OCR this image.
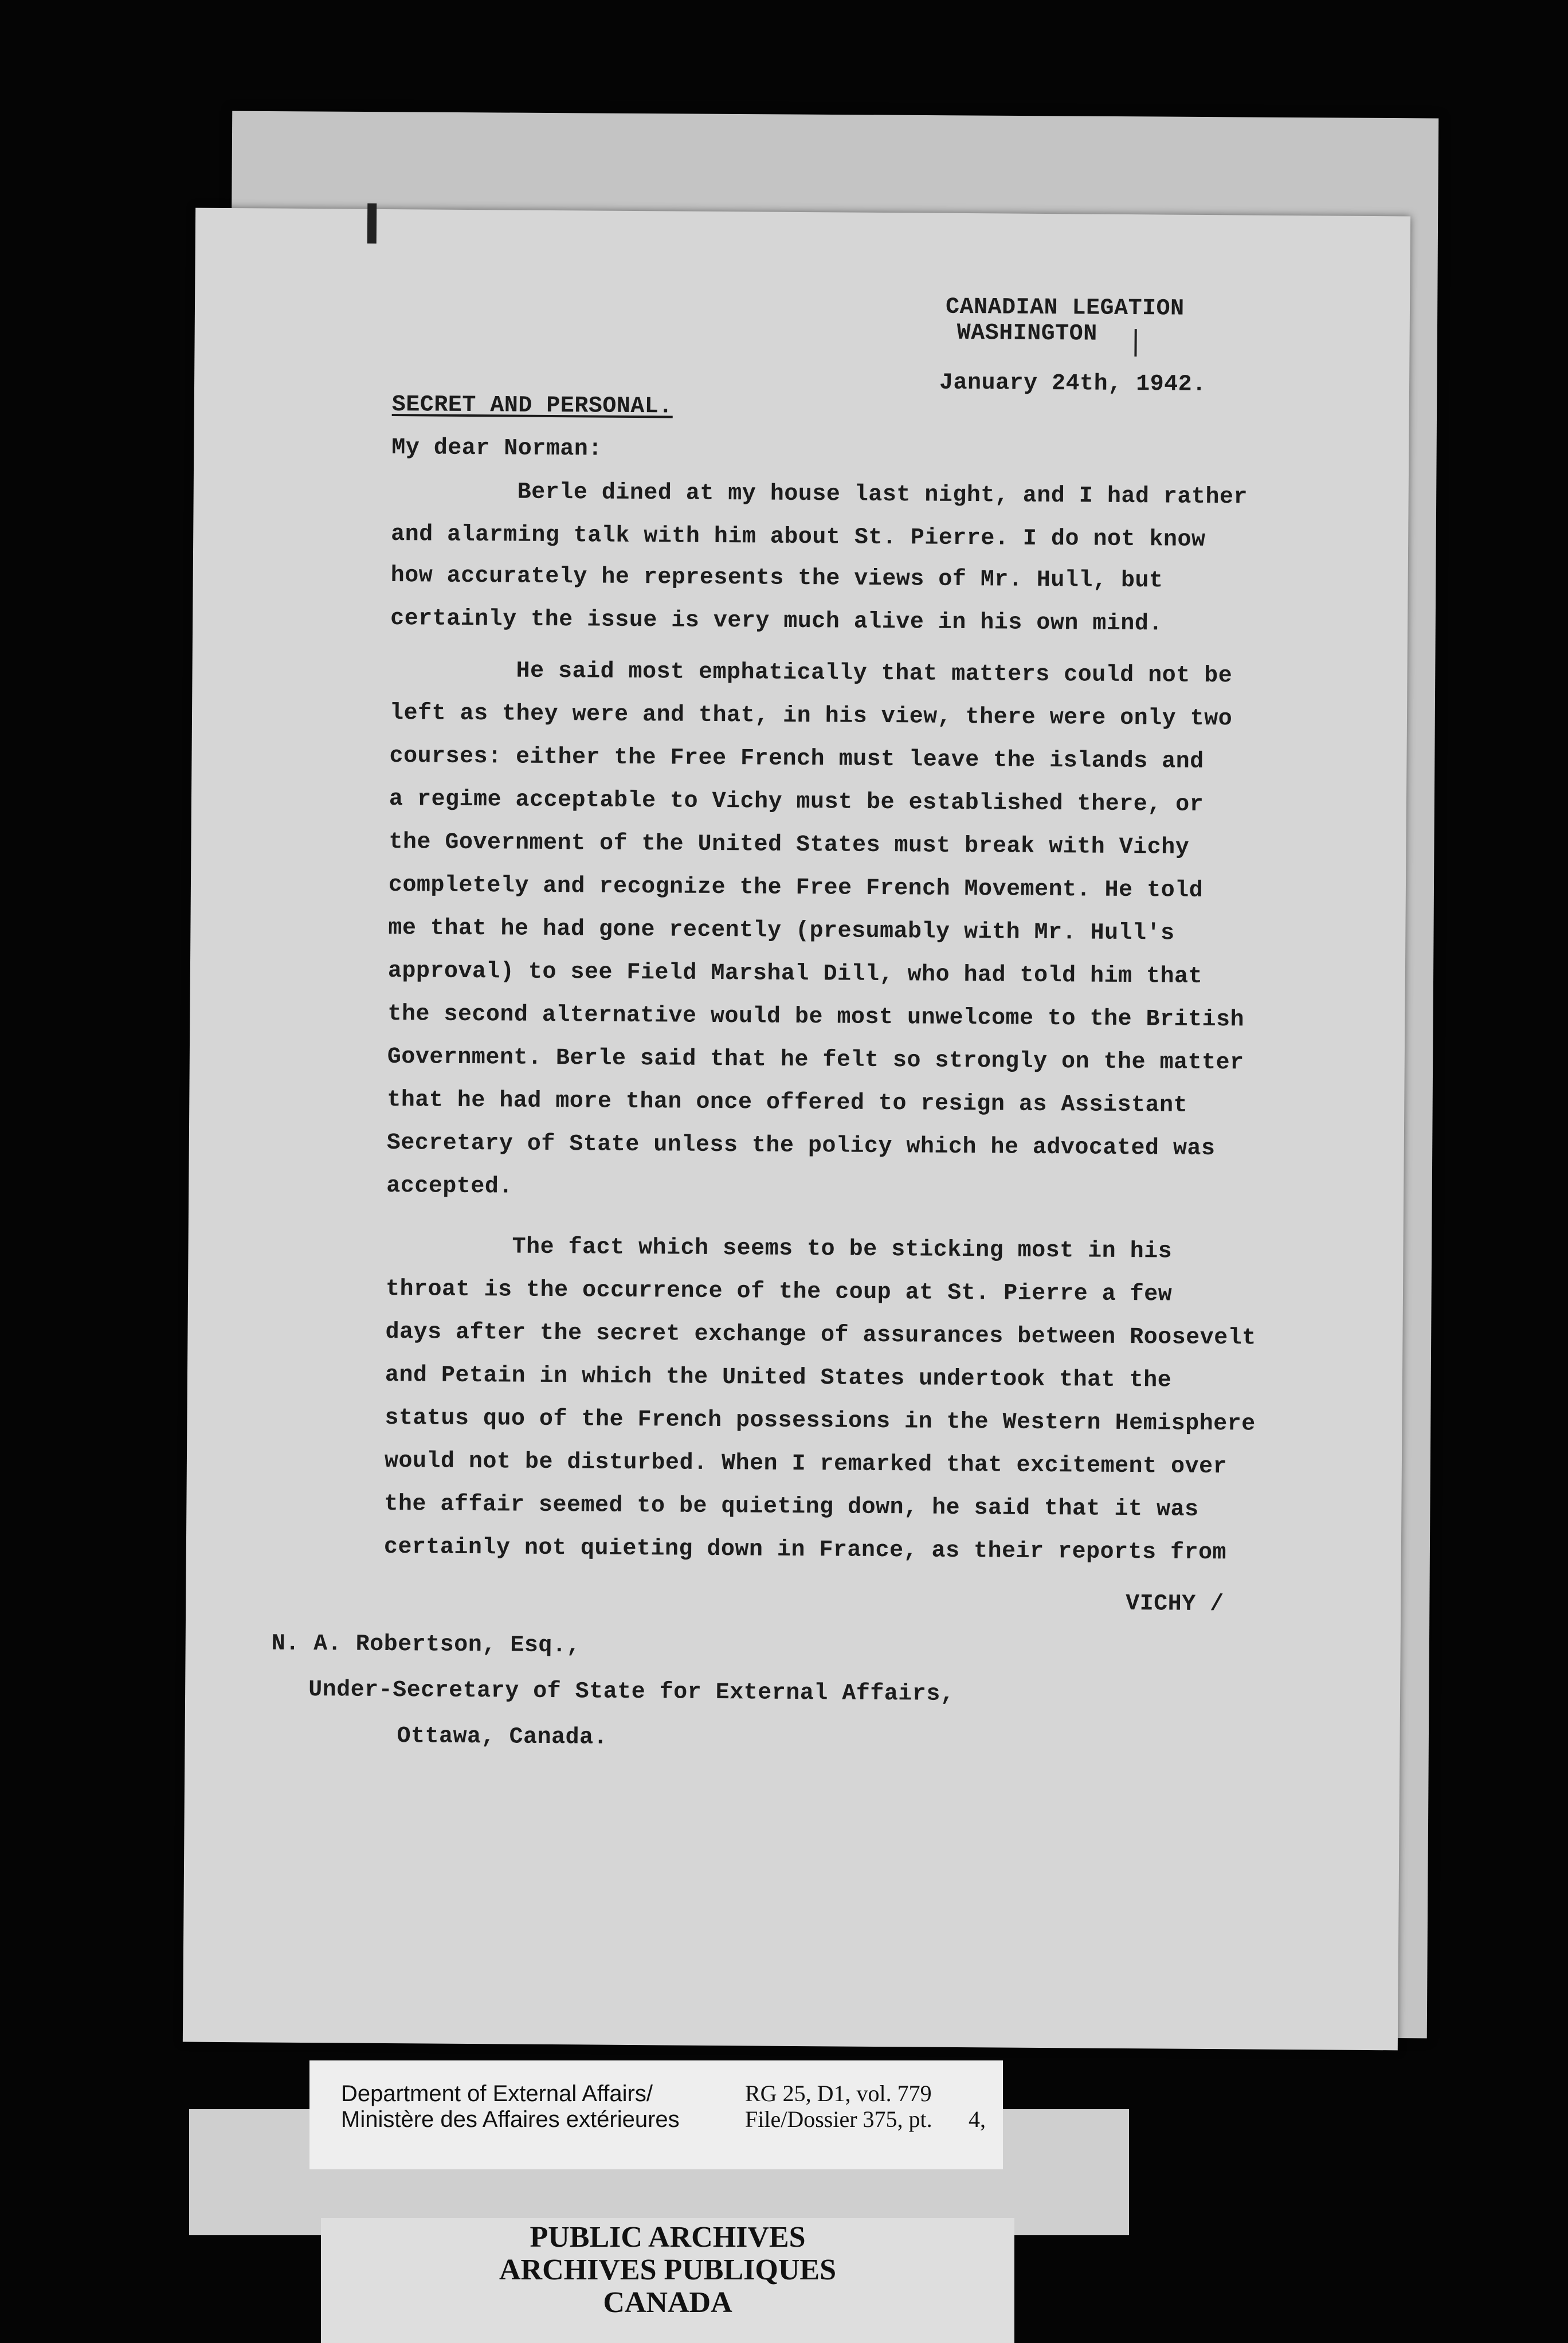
CANADIAN LEGATION
WASHINGTON
January 24th, 1942.
SECRET AND PERSONAL.
My dear Norman:
Berle dined at my house last night, and I had rather
and alarming talk with him about St. Pierre. I do not know
how accurately he represents the views of Mr. Hull, but
certainly the issue is very much alive in his own mind.
He said most emphatically that matters could not be
left as they were and that, in his view, there were only two
courses: either the Free French must leave the islands and
a regime acceptable to Vichy must be established there, or
the Government of the United States must break with Vichy
completely and recognize the Free French Movement. He told
me that he had gone recently (presumably with Mr. Hull's
approval) to see Field Marshal Dill, who had told him that
the second alternative would be most unwelcome to the British
Government. Berle said that he felt so strongly on the matter
that he had more than once offered to resign as Assistant
Secretary of State unless the policy which he advocated was
accepted.
The fact which seems to be sticking most in his
throat is the occurrence of the coup at St. Pierre a few
days after the secret exchange of assurances between Roosevelt
and Petain in which the United States undertook that the
status quo of the French possessions in the Western Hemisphere
would not be disturbed. When I remarked that excitement over
the affair seemed to be quieting down, he said that it was
certainly not quieting down in France, as their reports from
VICHY /
N. A. Robertson, Esq.,
Under-Secretary of State for External Affairs,
Ottawa, Canada.
PUBLIC ARCHIVES
ARCHIVES PUBLIQUES
CANADA
Department of External Affairs/
Ministère des Affaires extérieures
RG 25, D1, vol. 779
File/Dossier 375, pt. 4,
